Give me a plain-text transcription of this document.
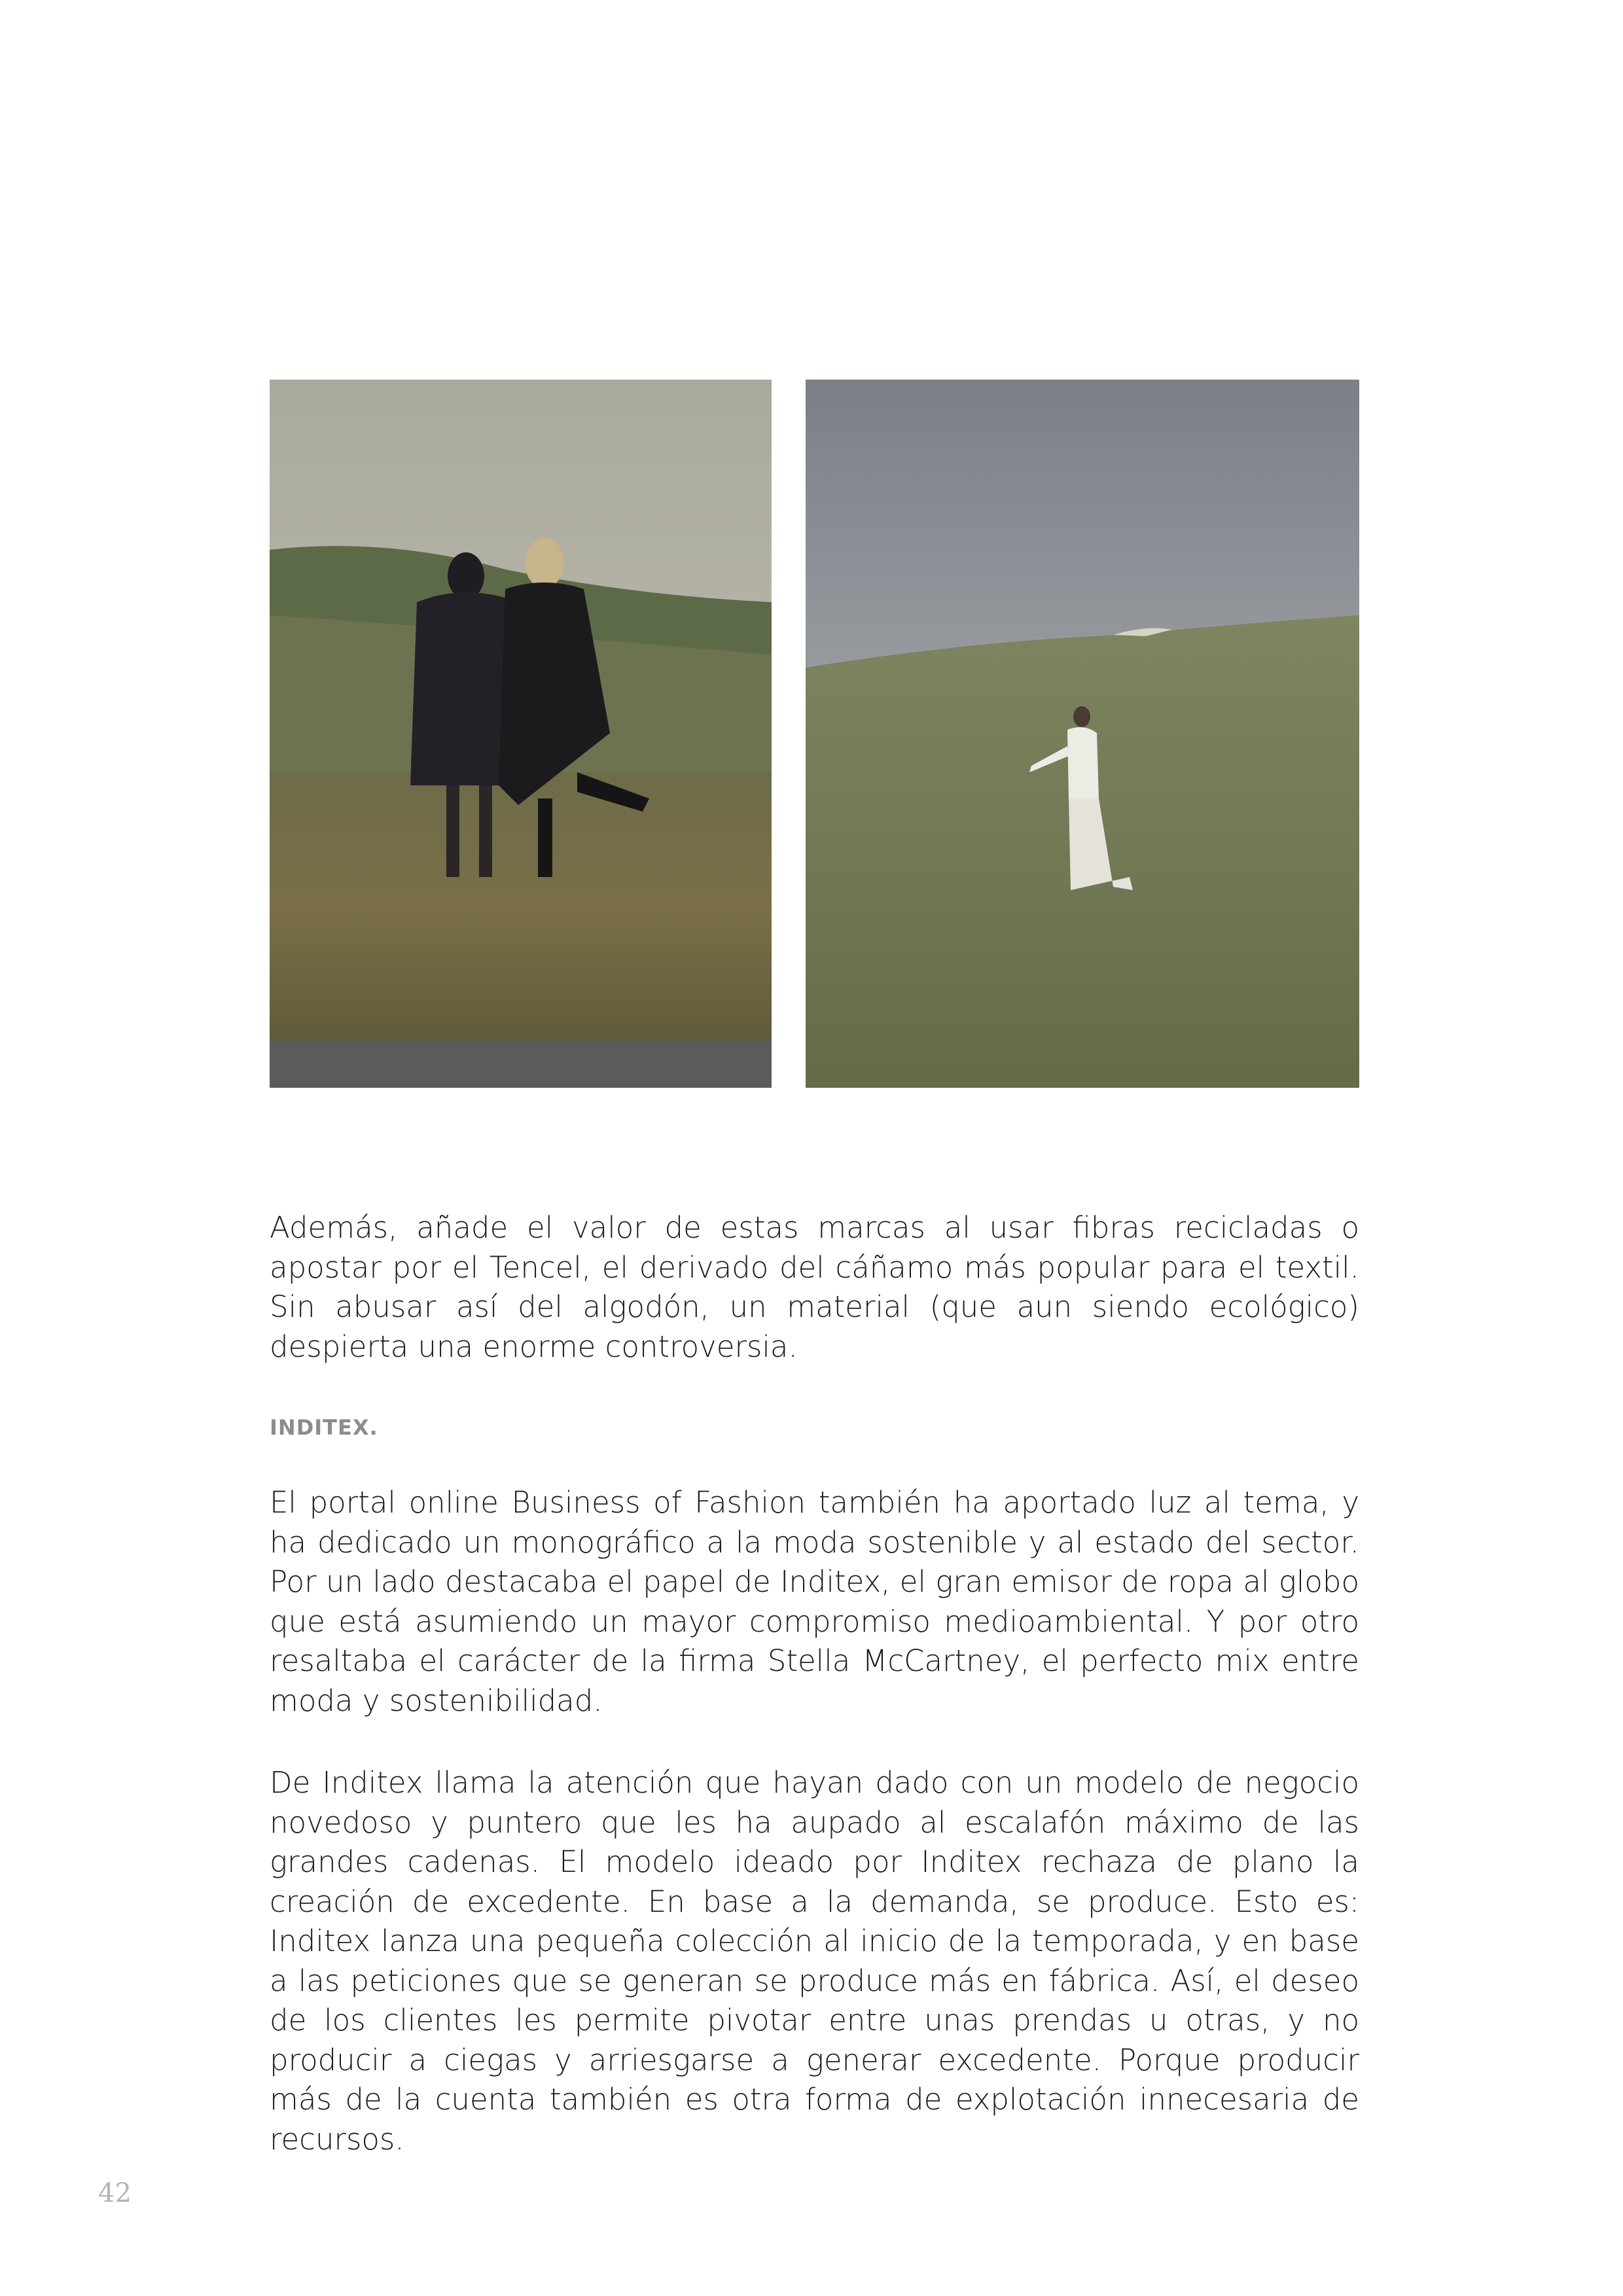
Además, añade el valor de estas marcas al usar fibras recicladas o apostar por el Tencel, el derivado del cáñamo más popular para el textil. Sin abusar así del algodón, un material (que aun siendo ecológico) despierta una enorme controversia.

INDITEX.

El portal online Business of Fashion también ha aportado luz al tema, y ha dedicado un monográfico a la moda sostenible y al estado del sector. Por un lado destacaba el papel de Inditex, el gran emisor de ropa al globo que está asumiendo un mayor compromiso medioambiental. Y por otro resaltaba el carácter de la firma Stella McCartney, el perfecto mix entre moda y sostenibilidad.

De Inditex llama la atención que hayan dado con un modelo de negocio novedoso y puntero que les ha aupado al escalafón máximo de las grandes cadenas. El modelo ideado por Inditex rechaza de plano la creación de excedente. En base a la demanda, se produce. Esto es: Inditex lanza una pequeña colección al inicio de la temporada, y en base a las peticiones que se generan se produce más en fábrica. Así, el deseo de los clientes les permite pivotar entre unas prendas u otras, y no producir a ciegas y arriesgarse a generar excedente. Porque producir más de la cuenta también es otra forma de explotación innecesaria de recursos.

42
